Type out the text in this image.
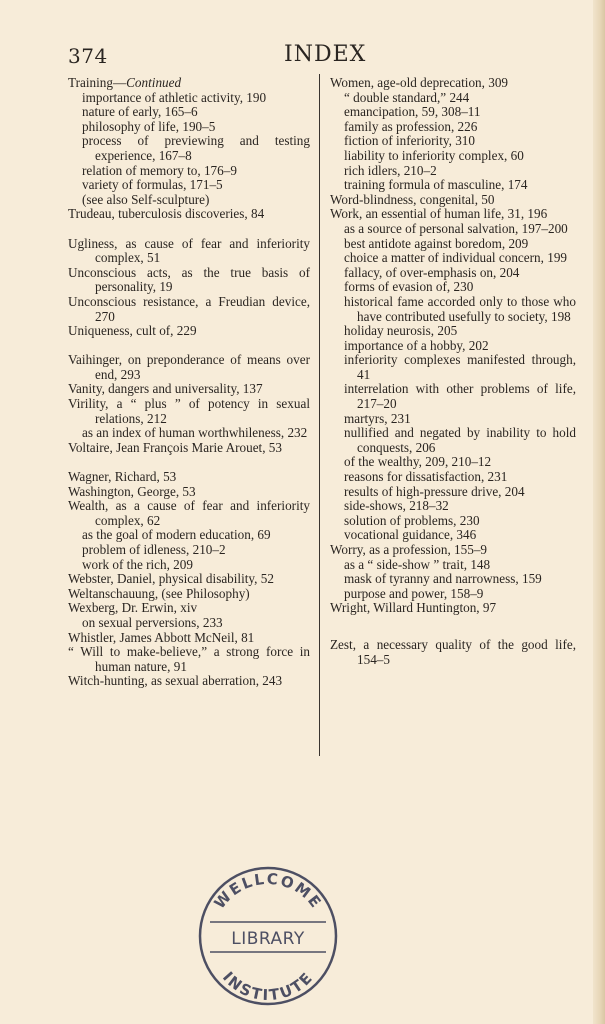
374	INDEX

Training—Continued

importance of athletic activity, 190

nature of early, 165–6

philosophy of life, 190–5

process of previewing and testing experience, 167–8

relation of memory to, 176–9

variety of formulas, 171–5

(see also Self-sculpture)

Trudeau, tuberculosis discoveries, 84

Ugliness, as cause of fear and inferiority complex, 51

Unconscious acts, as the true basis of personality, 19

Unconscious resistance, a Freudian device, 270

Uniqueness, cult of, 229

Vaihinger, on preponderance of means over end, 293

Vanity, dangers and universality, 137

Virility, a “ plus ” of potency in sexual relations, 212

as an index of human worthwhileness, 232

Voltaire, Jean François Marie Arouet, 53

Wagner, Richard, 53

Washington, George, 53

Wealth, as a cause of fear and inferiority complex, 62

as the goal of modern education, 69

problem of idleness, 210–2

work of the rich, 209

Webster, Daniel, physical disability, 52

Weltanschauung, (see Philosophy)

Wexberg, Dr. Erwin, xiv

on sexual perversions, 233

Whistler, James Abbott McNeil, 81

“ Will to make-believe,” a strong force in human nature, 91

Witch-hunting, as sexual aberration, 243

Women, age-old deprecation, 309

“ double standard,” 244

emancipation, 59, 308–11

family as profession, 226

fiction of inferiority, 310

liability to inferiority complex, 60

rich idlers, 210–2

training formula of masculine, 174

Word-blindness, congenital, 50

Work, an essential of human life, 31, 196

as a source of personal salvation, 197–200

best antidote against boredom, 209

choice a matter of individual concern, 199

fallacy, of over-emphasis on, 204

forms of evasion of, 230

historical fame accorded only to those who have contributed usefully to society, 198

holiday neurosis, 205

importance of a hobby, 202

inferiority complexes manifested through, 41

interrelation with other problems of life, 217–20

martyrs, 231

nullified and negated by inability to hold conquests, 206

of the wealthy, 209, 210–12

reasons for dissatisfaction, 231

results of high-pressure drive, 204

side-shows, 218–32

solution of problems, 230

vocational guidance, 346

Worry, as a profession, 155–9

as a “ side-show ” trait, 148

mask of tyranny and narrowness, 159

purpose and power, 158–9

Wright, Willard Huntington, 97

Zest, a necessary quality of the good life, 154–5

WELLCOME
LIBRARY
INSTITUTE
